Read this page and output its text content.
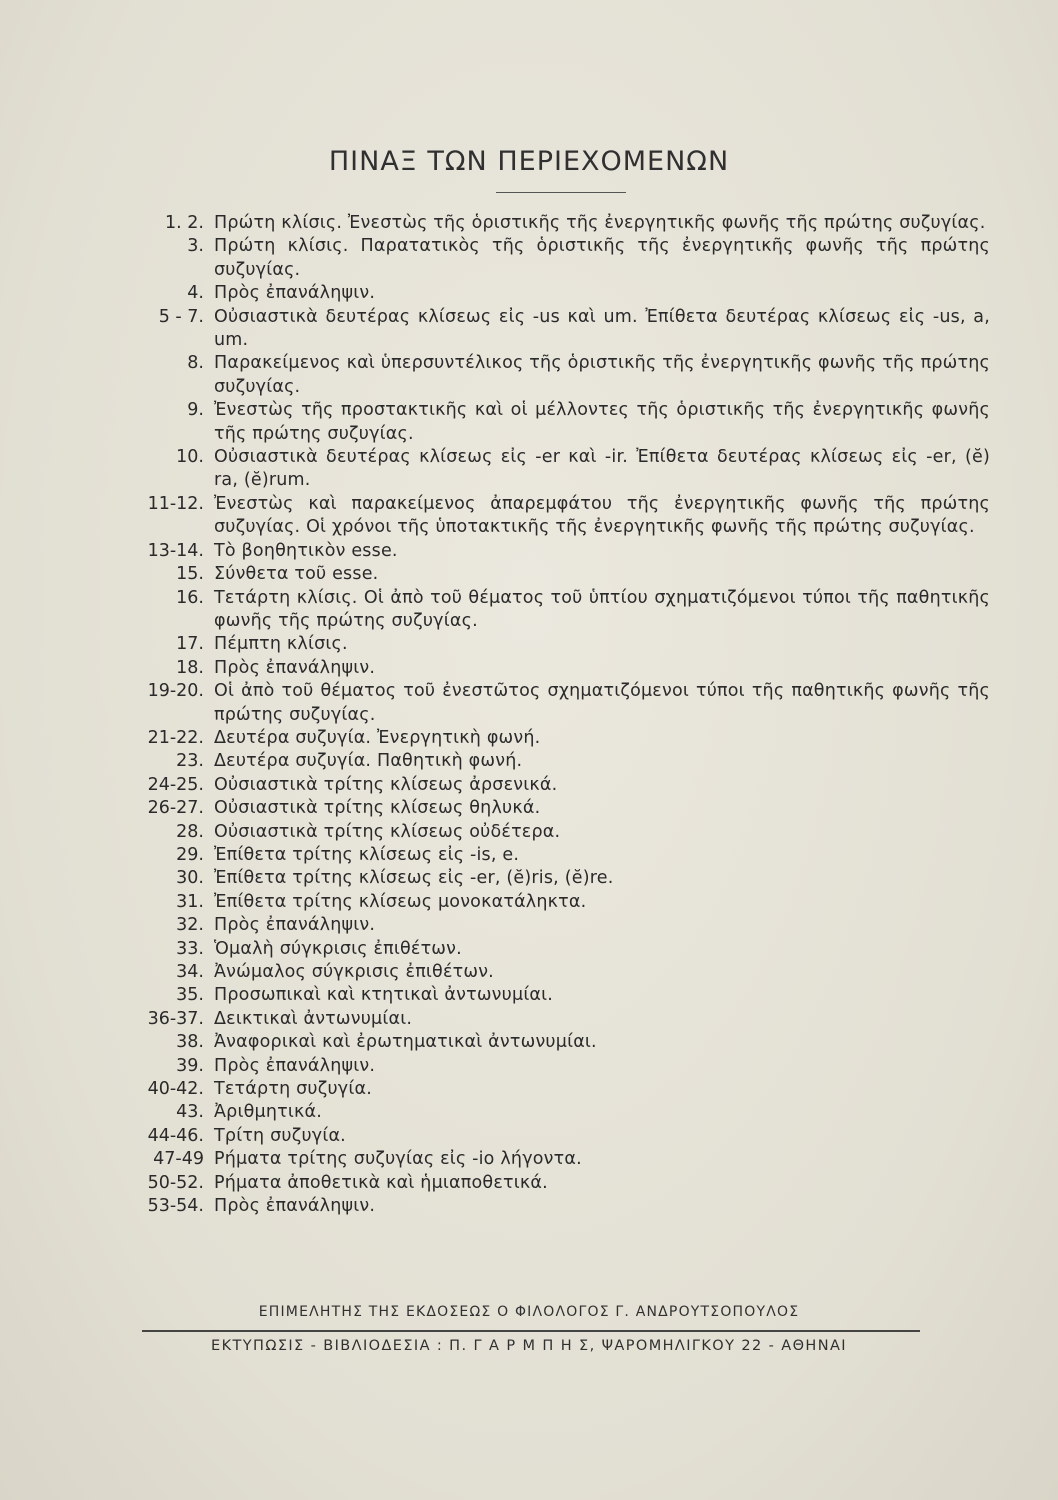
ΠΙΝΑΞ ΤΩΝ ΠΕΡΙΕΧΟΜΕΝΩΝ
1. 2. Πρώτη κλίσις. Ἐνεστὼς τῆς ὁριστικῆς τῆς ἐνεργητικῆς φωνῆς τῆς πρώτης συζυγίας.
3. Πρώτη κλίσις. Παρατατικὸς τῆς ὁριστικῆς τῆς ἐνεργητικῆς φωνῆς τῆς πρώτης συζυγίας.
4. Πρὸς ἐπανάληψιν.
5 - 7. Οὐσιαστικὰ δευτέρας κλίσεως εἰς -us καὶ um. Ἐπίθετα δευτέρας κλίσεως εἰς -us, a, um.
8. Παρακείμενος καὶ ὑπερσυντέλικος τῆς ὁριστικῆς τῆς ἐνεργητικῆς φωνῆς τῆς πρώτης συζυγίας.
9. Ἐνεστὼς τῆς προστακτικῆς καὶ οἱ μέλλοντες τῆς ὁριστικῆς τῆς ἐνεργητικῆς φωνῆς τῆς πρώτης συζυγίας.
10. Οὐσιαστικὰ δευτέρας κλίσεως εἰς -er καὶ -ir. Ἐπίθετα δευτέρας κλίσεως εἰς -er, (ĕ) ra, (ĕ)rum.
11-12. Ἐνεστὼς καὶ παρακείμενος ἀπαρεμφάτου τῆς ἐνεργητικῆς φωνῆς τῆς πρώτης συζυγίας. Οἱ χρόνοι τῆς ὑποτακτικῆς τῆς ἐνεργητικῆς φωνῆς τῆς πρώτης συζυγίας.
13-14. Τὸ βοηθητικὸν esse.
15. Σύνθετα τοῦ esse.
16. Τετάρτη κλίσις. Οἱ ἀπὸ τοῦ θέματος τοῦ ὑπτίου σχηματιζόμενοι τύποι τῆς παθητικῆς φωνῆς τῆς πρώτης συζυγίας.
17. Πέμπτη κλίσις.
18. Πρὸς ἐπανάληψιν.
19-20. Οἱ ἀπὸ τοῦ θέματος τοῦ ἐνεστῶτος σχηματιζόμενοι τύποι τῆς παθητικῆς φωνῆς τῆς πρώτης συζυγίας.
21-22. Δευτέρα συζυγία. Ἐνεργητικὴ φωνή.
23. Δευτέρα συζυγία. Παθητικὴ φωνή.
24-25. Οὐσιαστικὰ τρίτης κλίσεως ἀρσενικά.
26-27. Οὐσιαστικὰ τρίτης κλίσεως θηλυκά.
28. Οὐσιαστικὰ τρίτης κλίσεως οὐδέτερα.
29. Ἐπίθετα τρίτης κλίσεως εἰς -is, e.
30. Ἐπίθετα τρίτης κλίσεως εἰς -er, (ĕ)ris, (ĕ)re.
31. Ἐπίθετα τρίτης κλίσεως μονοκατάληκτα.
32. Πρὸς ἐπανάληψιν.
33. Ὁμαλὴ σύγκρισις ἐπιθέτων.
34. Ἀνώμαλος σύγκρισις ἐπιθέτων.
35. Προσωπικαὶ καὶ κτητικαὶ ἀντωνυμίαι.
36-37. Δεικτικαὶ ἀντωνυμίαι.
38. Ἀναφορικαὶ καὶ ἐρωτηματικαὶ ἀντωνυμίαι.
39. Πρὸς ἐπανάληψιν.
40-42. Τετάρτη συζυγία.
43. Ἀριθμητικά.
44-46. Τρίτη συζυγία.
47-49 Ρήματα τρίτης συζυγίας εἰς -io λήγοντα.
50-52. Ρήματα ἀποθετικὰ καὶ ἡμιαποθετικά.
53-54. Πρὸς ἐπανάληψιν.
ΕΠΙΜΕΛΗΤΗΣ ΤΗΣ ΕΚΔΟΣΕΩΣ Ο ΦΙΛΟΛΟΓΟΣ Γ. ΑΝΔΡΟΥΤΣΟΠΟΥΛΟΣ
ΕΚΤΥΠΩΣΙΣ - ΒΙΒΛΙΟΔΕΣΙΑ : Π. Γ Α Ρ Μ Π Η Σ, ΨΑΡΟΜΗΛΙΓΚΟΥ 22 - ΑΘΗΝΑΙ
